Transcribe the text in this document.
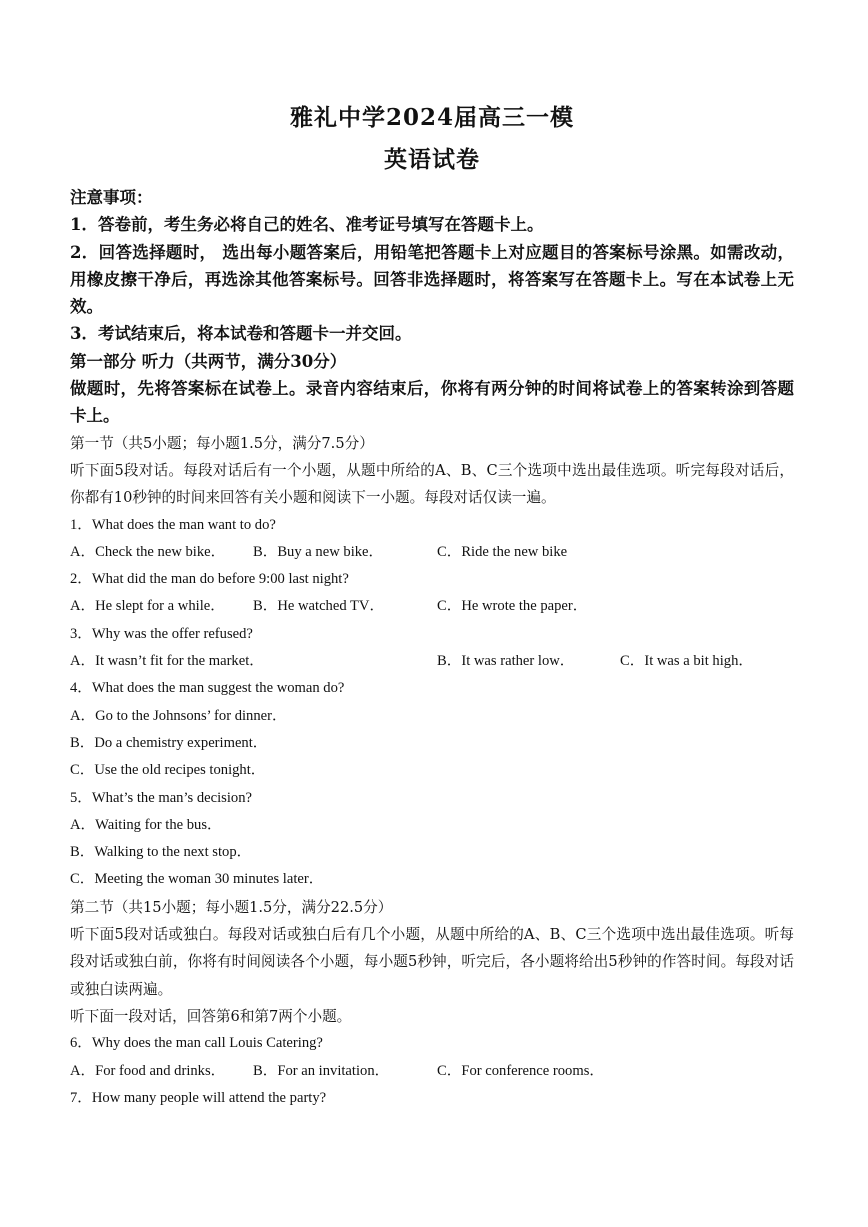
雅礼中学2024届高三一模
英语试卷
注意事项：
1．答卷前，考生务必将自己的姓名、准考证号填写在答题卡上。
2．回答选择题时， 选出每小题答案后，用铅笔把答题卡上对应题目的答案标号涂黑。如需改动，用橡皮擦干净后，再选涂其他答案标号。回答非选择题时，将答案写在答题卡上。写在本试卷上无效。
3．考试结束后，将本试卷和答题卡一并交回。
第一部分 听力（共两节，满分30分）
做题时，先将答案标在试卷上。录音内容结束后，你将有两分钟的时间将试卷上的答案转涂到答题卡上。
第一节（共5小题；每小题1.5分，满分7.5分）
听下面5段对话。每段对话后有一个小题，从题中所给的A、B、C三个选项中选出最佳选项。听完每段对话后，你都有10秒钟的时间来回答有关小题和阅读下一小题。每段对话仅读一遍。
1．What does the man want to do?
A．Check the new bike． B．Buy a new bike．	C．Ride the new bike
2．What did the man do before 9:00 last night?
A．He slept for a while． B．He watched TV．	C．He wrote the paper．
3．Why was the offer refused?
A．It wasn’t fit for the market．	B．It was rather low．	C．It was a bit high．
4．What does the man suggest the woman do?
A．Go to the Johnsons’ for dinner．
B．Do a chemistry experiment．
C．Use the old recipes tonight．
5．What’s the man’s decision?
A．Waiting for the bus．
B．Walking to the next stop．
C．Meeting the woman 30 minutes later．
第二节（共15小题；每小题1.5分，满分22.5分）
听下面5段对话或独白。每段对话或独白后有几个小题，从题中所给的A、B、C三个选项中选出最佳选项。听每段对话或独白前，你将有时间阅读各个小题，每小题5秒钟，听完后，各小题将给出5秒钟的作答时间。每段对话或独白读两遍。
听下面一段对话，回答第6和第7两个小题。
6．Why does the man call Louis Catering?
A．For food and drinks． B．For an invitation．	C．For conference rooms．
7．How many people will attend the party?
